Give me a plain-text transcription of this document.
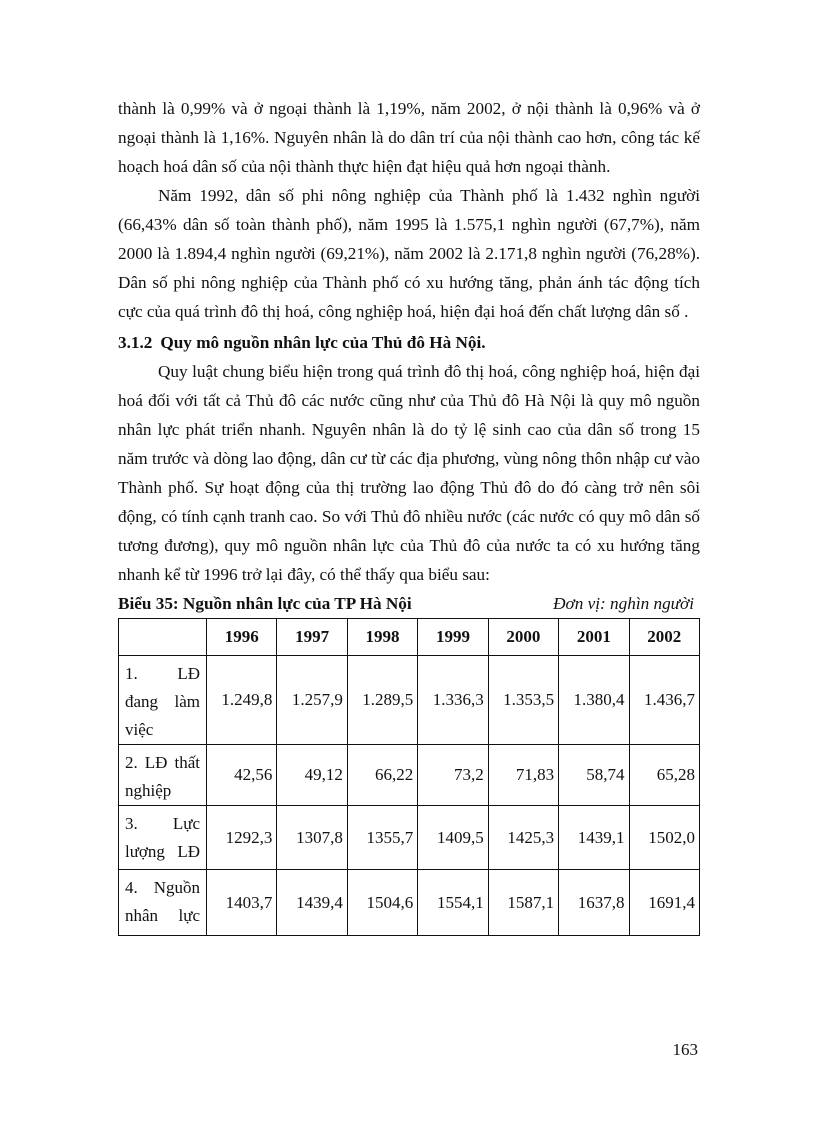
thành là 0,99% và ở ngoại thành là 1,19%, năm 2002, ở nội thành là 0,96% và ở ngoại thành là 1,16%. Nguyên nhân là do dân trí của nội thành cao hơn, công tác kế hoạch hoá dân số của nội thành thực hiện đạt hiệu quả hơn ngoại thành.

Năm 1992, dân số phi nông nghiệp của Thành phố là 1.432 nghìn người (66,43% dân số toàn thành phố), năm 1995 là 1.575,1 nghìn người (67,7%), năm 2000 là 1.894,4 nghìn người (69,21%), năm 2002 là 2.171,8 nghìn người (76,28%). Dân số phi nông nghiệp của Thành phố có xu hướng tăng, phản ánh tác động tích cực của quá trình đô thị hoá, công nghiệp hoá, hiện đại hoá đến chất lượng dân số .

3.1.2 Quy mô nguồn nhân lực của Thủ đô Hà Nội.

Quy luật chung biểu hiện trong quá trình đô thị hoá, công nghiệp hoá, hiện đại hoá đối với tất cả Thủ đô các nước cũng như của Thủ đô Hà Nội là quy mô nguồn nhân lực phát triển nhanh. Nguyên nhân là do tỷ lệ sinh cao của dân số trong 15 năm trước và dòng lao động, dân cư từ các địa phương, vùng nông thôn nhập cư vào Thành phố. Sự hoạt động của thị trường lao động Thủ đô do đó càng trở nên sôi động, có tính cạnh tranh cao. So với Thủ đô nhiều nước (các nước có quy mô dân số tương đương), quy mô nguồn nhân lực của Thủ đô của nước ta có xu hướng tăng nhanh kể từ 1996 trở lại đây, có thể thấy qua biểu sau:

Biểu 35: Nguồn nhân lực của TP Hà Nội	Đơn vị: nghìn người
	1996	1997	1998	1999	2000	2001	2002
1. LĐ đang làm việc	1.249,8	1.257,9	1.289,5	1.336,3	1.353,5	1.380,4	1.436,7
2. LĐ thất nghiệp	42,56	49,12	66,22	73,2	71,83	58,74	65,28
3. Lực lượng LĐ	1292,3	1307,8	1355,7	1409,5	1425,3	1439,1	1502,0
4. Nguồn nhân lực	1403,7	1439,4	1504,6	1554,1	1587,1	1637,8	1691,4
163
